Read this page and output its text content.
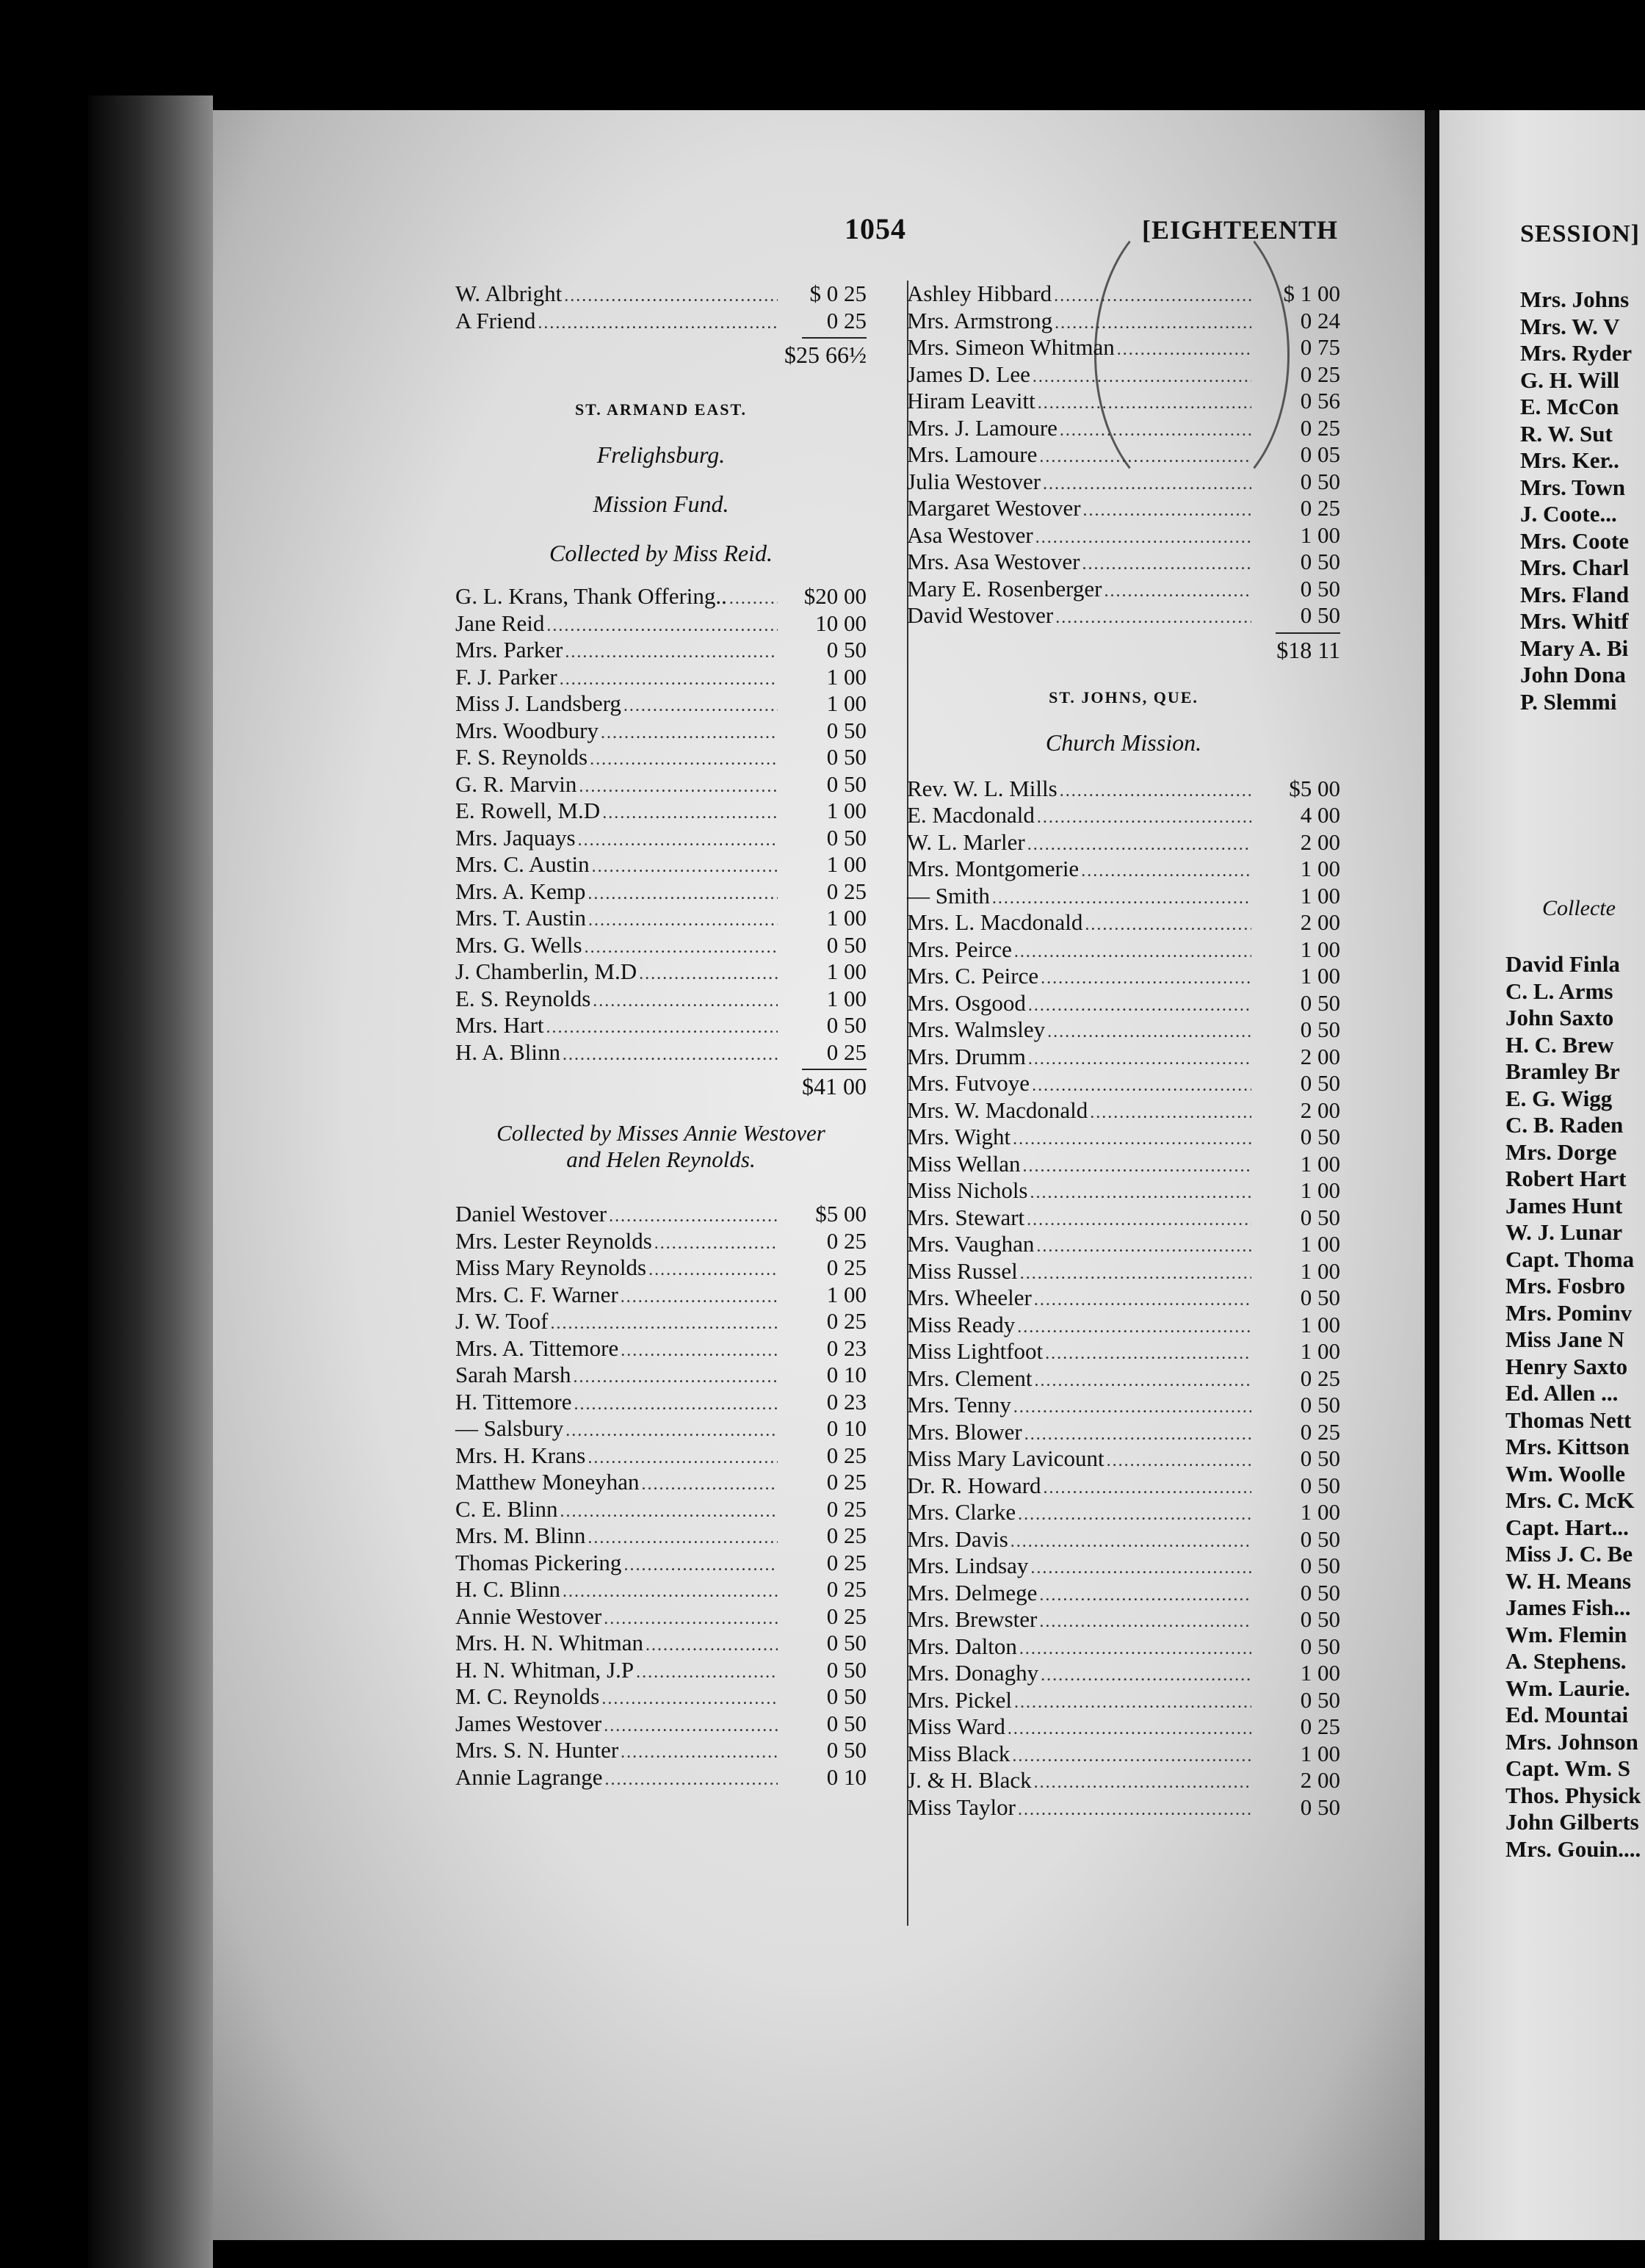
1054	[EIGHTEENTH
W. Albright .....	$ 0 25
A Friend .....	0 25
$25 66½
ST. ARMAND EAST.
Frelighsburg.
Mission Fund.
Collected by Miss Reid.
G. L. Krans, Thank Offering.. .....	$20 00
Jane Reid .....	10 00
Mrs. Parker .....	0 50
F. J. Parker .....	1 00
Miss J. Landsberg .....	1 00
Mrs. Woodbury .....	0 50
F. S. Reynolds .....	0 50
G. R. Marvin .....	0 50
E. Rowell, M.D .....	1 00
Mrs. Jaquays .....	0 50
Mrs. C. Austin .....	1 00
Mrs. A. Kemp .....	0 25
Mrs. T. Austin .....	1 00
Mrs. G. Wells .....	0 50
J. Chamberlin, M.D .....	1 00
E. S. Reynolds .....	1 00
Mrs. Hart .....	0 50
H. A. Blinn .....	0 25
$41 00
Collected by Misses Annie Westover
and Helen Reynolds.
Daniel Westover .....	$5 00
Mrs. Lester Reynolds .....	0 25
Miss Mary Reynolds .....	0 25
Mrs. C. F. Warner .....	1 00
J. W. Toof .....	0 25
Mrs. A. Tittemore .....	0 23
Sarah Marsh .....	0 10
H. Tittemore .....	0 23
— Salsbury .....	0 10
Mrs. H. Krans .....	0 25
Matthew Moneyhan .....	0 25
C. E. Blinn .....	0 25
Mrs. M. Blinn .....	0 25
Thomas Pickering .....	0 25
H. C. Blinn .....	0 25
Annie Westover .....	0 25
Mrs. H. N. Whitman .....	0 50
H. N. Whitman, J.P .....	0 50
M. C. Reynolds .....	0 50
James Westover .....	0 50
Mrs. S. N. Hunter .....	0 50
Annie Lagrange .....	0 10
Ashley Hibbard .....	$ 1 00
Mrs. Armstrong .....	0 24
Mrs. Simeon Whitman .....	0 75
James D. Lee .....	0 25
Hiram Leavitt .....	0 56
Mrs. J. Lamoure .....	0 25
Mrs. Lamoure .....	0 05
Julia Westover .....	0 50
Margaret Westover .....	0 25
Asa Westover .....	1 00
Mrs. Asa Westover .....	0 50
Mary E. Rosenberger .....	0 50
David Westover .....	0 50
$18 11
ST. JOHNS, QUE.
Church Mission.
Rev. W. L. Mills .....	$5 00
E. Macdonald .....	4 00
W. L. Marler .....	2 00
Mrs. Montgomerie .....	1 00
— Smith .....	1 00
Mrs. L. Macdonald .....	2 00
Mrs. Peirce .....	1 00
Mrs. C. Peirce .....	1 00
Mrs. Osgood .....	0 50
Mrs. Walmsley .....	0 50
Mrs. Drumm .....	2 00
Mrs. Futvoye .....	0 50
Mrs. W. Macdonald .....	2 00
Mrs. Wight .....	0 50
Miss Wellan .....	1 00
Miss Nichols .....	1 00
Mrs. Stewart .....	0 50
Mrs. Vaughan .....	1 00
Miss Russel .....	1 00
Mrs. Wheeler .....	0 50
Miss Ready .....	1 00
Miss Lightfoot .....	1 00
Mrs. Clement .....	0 25
Mrs. Tenny .....	0 50
Mrs. Blower .....	0 25
Miss Mary Lavicount .....	0 50
Dr. R. Howard .....	0 50
Mrs. Clarke .....	1 00
Mrs. Davis .....	0 50
Mrs. Lindsay .....	0 50
Mrs. Delmege .....	0 50
Mrs. Brewster .....	0 50
Mrs. Dalton .....	0 50
Mrs. Donaghy .....	1 00
Mrs. Pickel .....	0 50
Miss Ward .....	0 25
Miss Black .....	1 00
J. & H. Black .....	2 00
Miss Taylor .....	0 50
SESSION]
Mrs. Johns
Mrs. W. V
Mrs. Ryder
G. H. Will
E. McCon
R. W. Sut
Mrs. Ker..
Mrs. Town
J. Coote...
Mrs. Coote
Mrs. Charl
Mrs. Fland
Mrs. Whitf
Mary A. Bi
John Dona
P. Slemmi
Collecte
David Finla
C. L. Arms
John Saxto
H. C. Brew
Bramley Br
E. G. Wigg
C. B. Raden
Mrs. Dorge
Robert Hart
James Hunt
W. J. Lunar
Capt. Thoma
Mrs. Fosbro
Mrs. Pominv
Miss Jane N
Henry Saxto
Ed. Allen ...
Thomas Nett
Mrs. Kittson
Wm. Woolle
Mrs. C. McK
Capt. Hart...
Miss J. C. Be
W. H. Means
James Fish...
Wm. Flemin
A. Stephens.
Wm. Laurie.
Ed. Mountai
Mrs. Johnson
Capt. Wm. S
Thos. Physick
John Gilberts
Mrs. Gouin....
